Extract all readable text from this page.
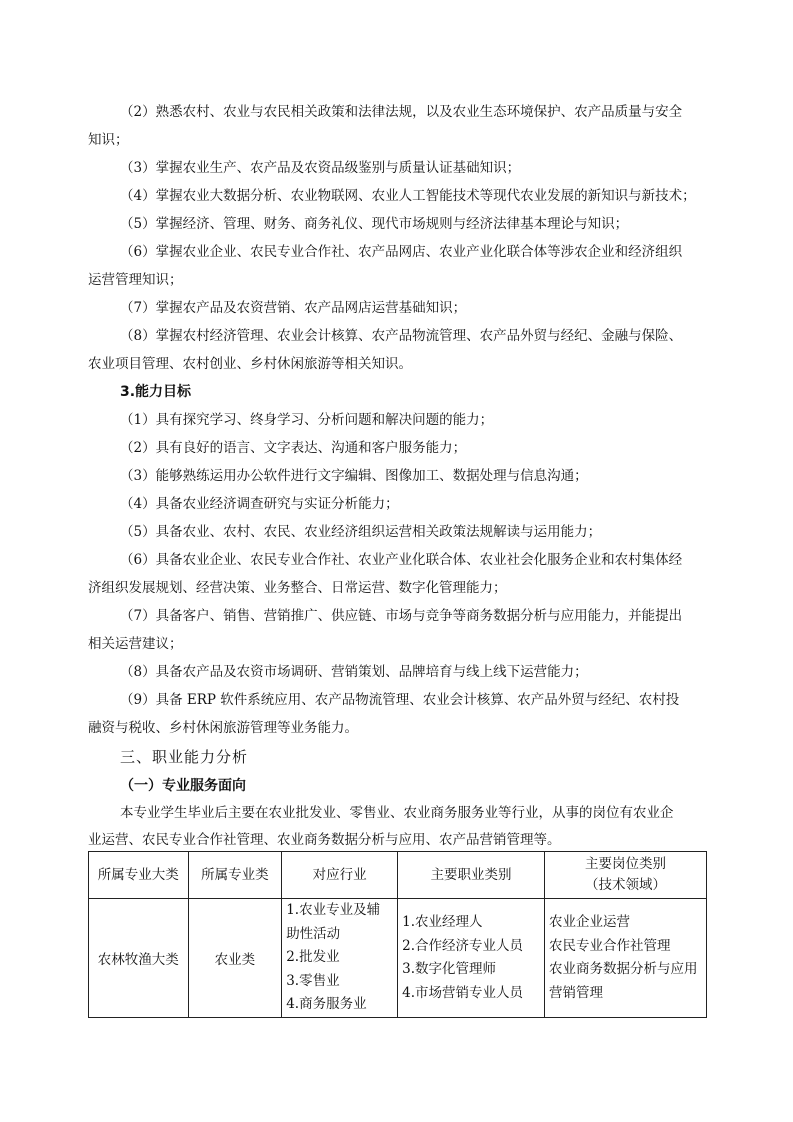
（2）熟悉农村、农业与农民相关政策和法律法规，以及农业生态环境保护、农产品质量与安全
知识；
（3）掌握农业生产、农产品及农资品级鉴别与质量认证基础知识；
（4）掌握农业大数据分析、农业物联网、农业人工智能技术等现代农业发展的新知识与新技术；
（5）掌握经济、管理、财务、商务礼仪、现代市场规则与经济法律基本理论与知识；
（6）掌握农业企业、农民专业合作社、农产品网店、农业产业化联合体等涉农企业和经济组织
运营管理知识；
（7）掌握农产品及农资营销、农产品网店运营基础知识；
（8）掌握农村经济管理、农业会计核算、农产品物流管理、农产品外贸与经纪、金融与保险、
农业项目管理、农村创业、乡村休闲旅游等相关知识。
3.能力目标
（1）具有探究学习、终身学习、分析问题和解决问题的能力；
（2）具有良好的语言、文字表达、沟通和客户服务能力；
（3）能够熟练运用办公软件进行文字编辑、图像加工、数据处理与信息沟通；
（4）具备农业经济调查研究与实证分析能力；
（5）具备农业、农村、农民、农业经济组织运营相关政策法规解读与运用能力；
（6）具备农业企业、农民专业合作社、农业产业化联合体、农业社会化服务企业和农村集体经
济组织发展规划、经营决策、业务整合、日常运营、数字化管理能力；
（7）具备客户、销售、营销推广、供应链、市场与竞争等商务数据分析与应用能力，并能提出
相关运营建议；
（8）具备农产品及农资市场调研、营销策划、品牌培育与线上线下运营能力；
（9）具备 ERP 软件系统应用、农产品物流管理、农业会计核算、农产品外贸与经纪、农村投
融资与税收、乡村休闲旅游管理等业务能力。
三、职业能力分析
（一）专业服务面向
本专业学生毕业后主要在农业批发业、零售业、农业商务服务业等行业，从事的岗位有农业企
业运营、农民专业合作社管理、农业商务数据分析与应用、农产品营销管理等。
所属专业大类	所属专业类	对应行业	主要职业类别	主要岗位类别
（技术领域）

农林牧渔大类	农业类	1.农业专业及辅
助性活动
2.批发业
3.零售业
4.商务服务业	1.农业经理人
2.合作经济专业人员
3.数字化管理师
4.市场营销专业人员	农业企业运营
农民专业合作社管理
农业商务数据分析与应用
营销管理
